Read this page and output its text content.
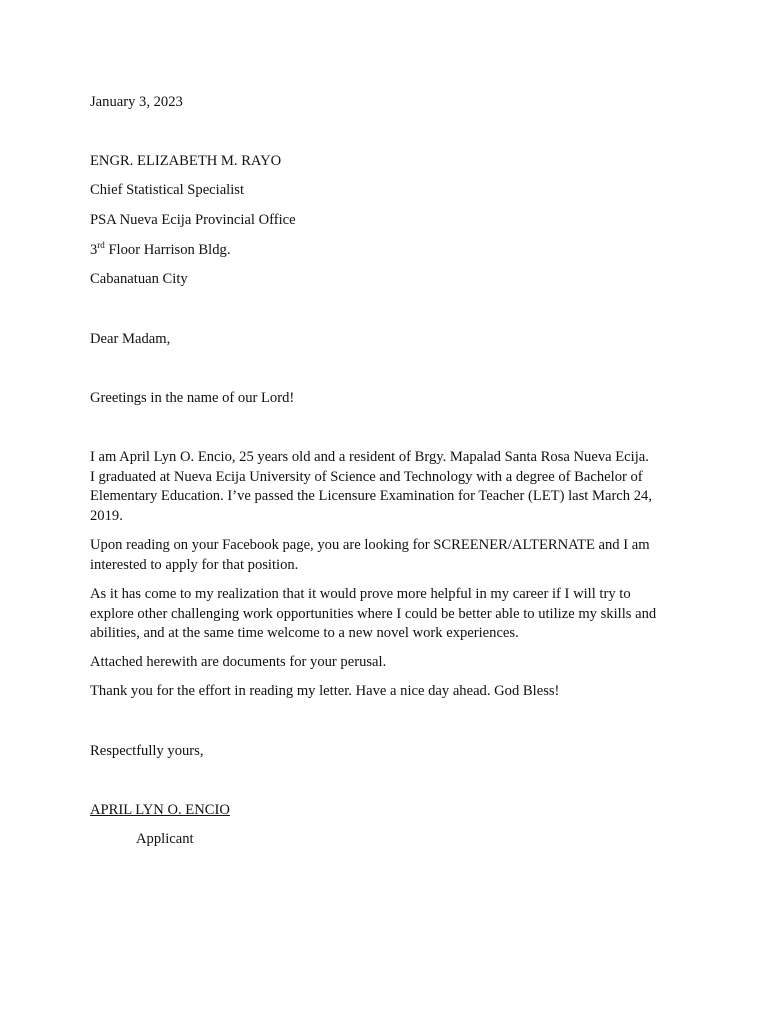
January 3, 2023
ENGR. ELIZABETH M. RAYO
Chief Statistical Specialist
PSA Nueva Ecija Provincial Office
3rd Floor Harrison Bldg.
Cabanatuan City
Dear Madam,
Greetings in the name of our Lord!
I am April Lyn O. Encio, 25 years old and a resident of Brgy. Mapalad Santa Rosa Nueva Ecija.
I graduated at Nueva Ecija University of Science and Technology with a degree of Bachelor of
Elementary Education. I’ve passed the Licensure Examination for Teacher (LET) last March 24,
2019.
Upon reading on your Facebook page, you are looking for SCREENER/ALTERNATE and I am
interested to apply for that position.
As it has come to my realization that it would prove more helpful in my career if I will try to
explore other challenging work opportunities where I could be better able to utilize my skills and
abilities, and at the same time welcome to a new novel work experiences.
Attached herewith are documents for your perusal.
Thank you for the effort in reading my letter. Have a nice day ahead. God Bless!
Respectfully yours,
APRIL LYN O. ENCIO
Applicant
